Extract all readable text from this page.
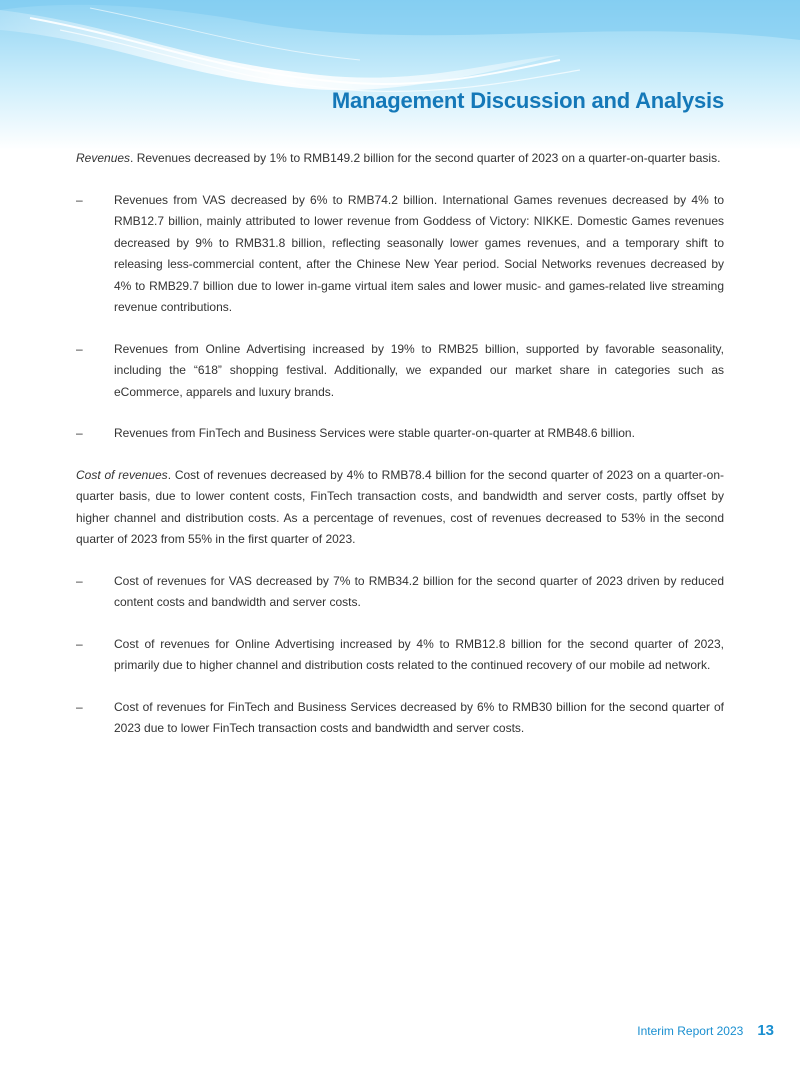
Management Discussion and Analysis

Revenues. Revenues decreased by 1% to RMB149.2 billion for the second quarter of 2023 on a quarter-on-quarter basis.

–	Revenues from VAS decreased by 6% to RMB74.2 billion. International Games revenues decreased by 4% to RMB12.7 billion, mainly attributed to lower revenue from Goddess of Victory: NIKKE. Domestic Games revenues decreased by 9% to RMB31.8 billion, reflecting seasonally lower games revenues, and a temporary shift to releasing less-commercial content, after the Chinese New Year period. Social Networks revenues decreased by 4% to RMB29.7 billion due to lower in-game virtual item sales and lower music- and games-related live streaming revenue contributions.
–	Revenues from Online Advertising increased by 19% to RMB25 billion, supported by favorable seasonality, including the “618” shopping festival. Additionally, we expanded our market share in categories such as eCommerce, apparels and luxury brands.
–	Revenues from FinTech and Business Services were stable quarter-on-quarter at RMB48.6 billion.

Cost of revenues. Cost of revenues decreased by 4% to RMB78.4 billion for the second quarter of 2023 on a quarter-on-quarter basis, due to lower content costs, FinTech transaction costs, and bandwidth and server costs, partly offset by higher channel and distribution costs. As a percentage of revenues, cost of revenues decreased to 53% in the second quarter of 2023 from 55% in the first quarter of 2023.

–	Cost of revenues for VAS decreased by 7% to RMB34.2 billion for the second quarter of 2023 driven by reduced content costs and bandwidth and server costs.
–	Cost of revenues for Online Advertising increased by 4% to RMB12.8 billion for the second quarter of 2023, primarily due to higher channel and distribution costs related to the continued recovery of our mobile ad network.
–	Cost of revenues for FinTech and Business Services decreased by 6% to RMB30 billion for the second quarter of 2023 due to lower FinTech transaction costs and bandwidth and server costs.
Interim Report 2023 13
